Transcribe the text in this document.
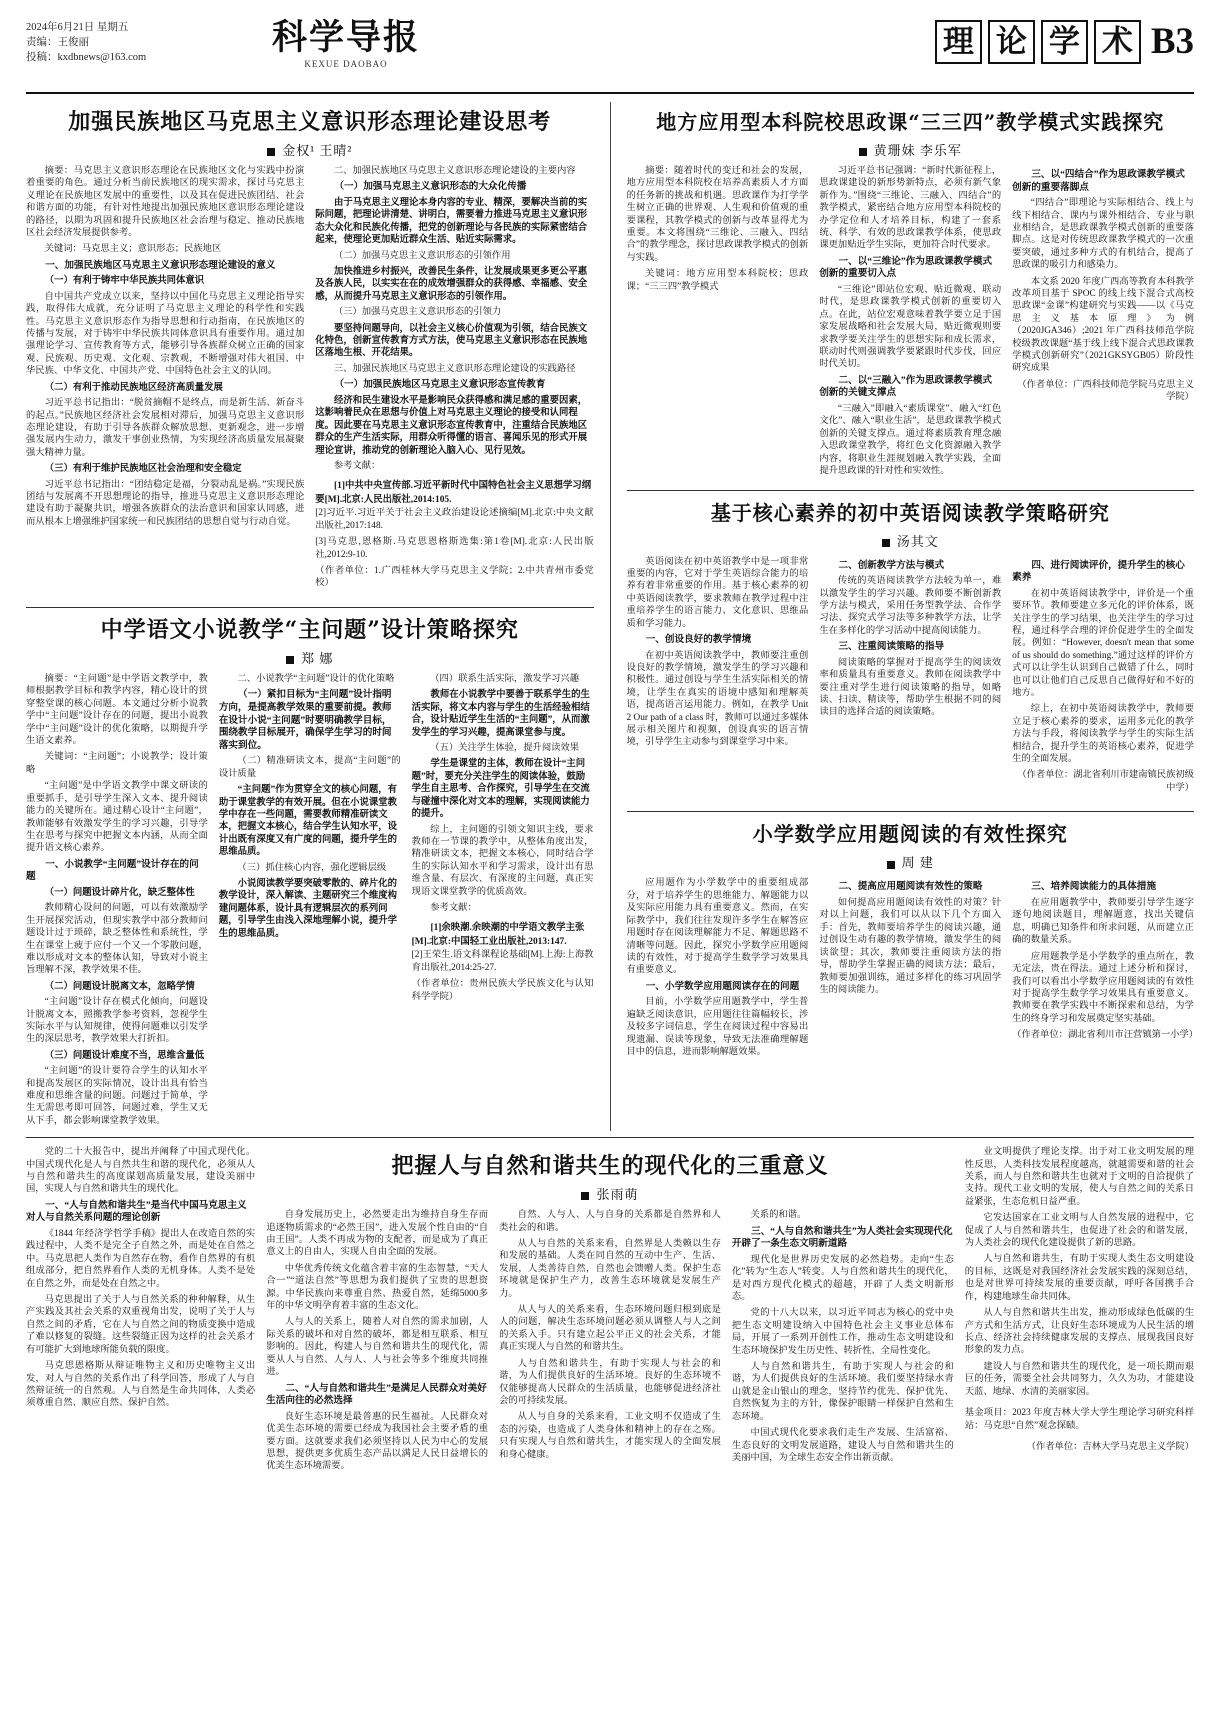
2024年6月21日 星期五
责编：王俊丽
投稿：kxdbnews@163.com	科学导报
KEXUE DAOBAO
理 论 学 术 B3
加强民族地区马克思主义意识形态理论建设思考
金权¹ 王晴²

摘要：马克思主义意识形态理论在民族地区文化与实践中扮演着重要的角色。通过分析当前民族地区的现实需求，探讨马克思主义理论在民族地区发展中的重要性，以及其在促进民族团结、社会和谐方面的功能，有针对性地提出加强民族地区意识形态理论建设的路径，以期为巩固和提升民族地区社会治理与稳定、推动民族地区社会经济发展提供参考。

关键词：马克思主义；意识形态；民族地区

一、加强民族地区马克思主义意识形态理论建设的意义

（一）有利于铸牢中华民族共同体意识

自中国共产党成立以来，坚持以中国化马克思主义理论指导实践，取得伟大成就，充分证明了马克思主义理论的科学性和实践性。马克思主义意识形态作为指导思想和行动指南，在民族地区的传播与发展，对于铸牢中华民族共同体意识具有重要作用。通过加强理论学习、宣传教育等方式，能够引导各族群众树立正确的国家观、民族观、历史观、文化观、宗教观，不断增强对伟大祖国、中华民族、中华文化、中国共产党、中国特色社会主义的认同。

（二）有利于推动民族地区经济高质量发展

习近平总书记指出：“脱贫摘帽不是终点，而是新生活、新奋斗的起点。”民族地区经济社会发展相对滞后，加强马克思主义意识形态理论建设，有助于引导各族群众解放思想、更新观念，进一步增强发展内生动力，激发干事创业热情，为实现经济高质量发展凝聚强大精神力量。

（三）有利于维护民族地区社会治理和安全稳定

习近平总书记指出：“团结稳定是福，分裂动乱是祸。”实现民族团结与发展离不开思想理论的指导，推进马克思主义意识形态理论建设有助于凝聚共识，增强各族群众的法治意识和国家认同感，进而从根本上增强维护国家统一和民族团结的思想自觉与行动自觉。

二、加强民族地区马克思主义意识形态理论建设的主要内容

（一）加强马克思主义意识形态的大众化传播

由于马克思主义理论本身内容的专业、精深，要解决当前的实际问题，把理论讲清楚、讲明白，需要着力推进马克思主义意识形态大众化和民族化传播，把党的创新理论与各民族的实际紧密结合起来，使理论更加贴近群众生活、贴近实际需求。

（二）加强马克思主义意识形态的引领作用

加快推进乡村振兴，改善民生条件，让发展成果更多更公平惠及各族人民，以实实在在的成效增强群众的获得感、幸福感、安全感，从而提升马克思主义意识形态的引领作用。

（三）加强马克思主义意识形态的引领力

要坚持问题导向，以社会主义核心价值观为引领，结合民族文化特色，创新宣传教育方式方法，使马克思主义意识形态在民族地区落地生根、开花结果。

三、加强民族地区马克思主义意识形态理论建设的实践路径

（一）加强民族地区马克思主义意识形态宣传教育

经济和民生建设水平是影响民众获得感和满足感的重要因素，这影响着民众在思想与价值上对马克思主义理论的接受和认同程度。因此要在马克思主义意识形态宣传教育中，注重结合民族地区群众的生产生活实际，用群众听得懂的语言、喜闻乐见的形式开展理论宣讲，推动党的创新理论入脑入心、见行见效。

参考文献：

[1]中共中央宣传部.习近平新时代中国特色社会主义思想学习纲要[M].北京:人民出版社,2014:105.

[2]习近平.习近平关于社会主义政治建设论述摘编[M].北京:中央文献出版社,2017:148.

[3]马克思,恩格斯.马克思恩格斯选集:第1卷[M].北京:人民出版社,2012:9-10.

（作者单位：1.广西桂林大学马克思主义学院；2.中共青州市委党校）

中学语文小说教学“主问题”设计策略探究
郑 娜

摘要：“主问题”是中学语文教学中，教师根据教学目标和教学内容，精心设计的贯穿整堂课的核心问题。本文通过分析小说教学中“主问题”设计存在的问题，提出小说教学中“主问题”设计的优化策略，以期提升学生语文素养。

关键词：“主问题”；小说教学；设计策略

“主问题”是中学语文教学中课文研读的重要抓手，是引导学生深入文本、提升阅读能力的关键所在。通过精心设计“主问题”，教师能够有效激发学生的学习兴趣，引导学生在思考与探究中把握文本内涵，从而全面提升语文核心素养。

一、小说教学“主问题”设计存在的问题

（一）问题设计碎片化，缺乏整体性

教师精心设问的问题，可以有效激励学生开展探究活动，但现实教学中部分教师问题设计过于琐碎，缺乏整体性和系统性，学生在课堂上疲于应付一个又一个零散问题，难以形成对文本的整体认知，导致对小说主旨理解不深，教学效果不佳。

（二）问题设计脱离文本，忽略学情

“主问题”设计存在模式化倾向，问题设计脱离文本，照搬教学参考资料，忽视学生实际水平与认知规律，使得问题难以引发学生的深层思考，教学效果大打折扣。

（三）问题设计难度不当，思维含量低

“主问题”的设计要符合学生的认知水平和提高发展区的实际情况，设计出具有恰当难度和思维含量的问题。问题过于简单，学生无需思考即可回答，问题过难，学生又无从下手，都会影响课堂教学效果。

二、小说教学“主问题”设计的优化策略

（一）紧扣目标为“主问题”设计指明方向，是提高教学效果的重要前提。教师在设计小说“主问题”时要明确教学目标，围绕教学目标展开，确保学生学习的时间落实到位。

（二）精准研读文本，提高“主问题”的设计质量

“主问题”作为贯穿全文的核心问题，有助于课堂教学的有效开展。但在小说课堂教学中存在一些问题，需要教师精准研读文本，把握文本核心，结合学生认知水平，设计出既有深度又有广度的问题，提升学生的思维品质。

（三）抓住核心内容，强化逻辑层级

小说阅读教学要突破零散的、碎片化的教学设计，深入解读、主题研究三个维度构建问题体系，设计具有逻辑层次的系列问题，引导学生由浅入深地理解小说，提升学生的思维品质。

（四）联系生活实际，激发学习兴趣

教师在小说教学中要善于联系学生的生活实际，将文本内容与学生的生活经验相结合，设计贴近学生生活的“主问题”，从而激发学生的学习兴趣，提高课堂参与度。

（五）关注学生体验，提升阅读效果

学生是课堂的主体，教师在设计“主问题”时，要充分关注学生的阅读体验，鼓励学生自主思考、合作探究，引导学生在交流与碰撞中深化对文本的理解，实现阅读能力的提升。

综上，主问题的引领文知识主线，要求教师在一节课的教学中，从整体角度出发，精准研读文本，把握文本核心，同时结合学生的实际认知水平和学习需求，设计出有思维含量、有层次、有深度的主问题，真正实现语文课堂教学的优质高效。

参考文献：

[1]余映潮.余映潮的中学语文教学主张[M].北京:中国轻工业出版社,2013:147.

[2]王荣生.语文科课程论基础[M].上海:上海教育出版社,2014:25-27.

（作者单位：贵州民族大学民族文化与认知科学学院）

地方应用型本科院校思政课“三三四”教学模式实践探究
黄珊妹 李乐军

摘要：随着时代的变迁和社会的发展，地方应用型本科院校在培养高素质人才方面的任务新的挑战和机遇。思政课作为打学学生树立正确的世界观、人生观和价值观的重要课程，其教学模式的创新与改革显得尤为重要。本文将围绕“三维论、三融入、四结合”的教学理念，探讨思政课教学模式的创新与实践。

关键词：地方应用型本科院校；思政课；“三三四”教学模式

习近平总书记强调：“新时代新征程上，思政课建设的新形势新特点，必须有新气象新作为。”围绕“三维论、三融入、四结合”的教学模式，紧密结合地方应用型本科院校的办学定位和人才培养目标，构建了一套系统、科学、有效的思政课教学体系，使思政课更加贴近学生实际，更加符合时代要求。

一、以“三维论”作为思政课教学模式创新的重要切入点

“三维论”即站位宏观、贴近微观、联动时代，是思政课教学模式创新的重要切入点。在此，站位宏观意味着教学要立足于国家发展战略和社会发展大局，贴近微观则要求教学要关注学生的思想实际和成长需求，联动时代则强调教学要紧跟时代步伐，回应时代关切。

二、以“三融入”作为思政课教学模式创新的关键支撑点

“三融入”即融入“素质课堂”、融入“红色文化”、融入“职业生活”，是思政课教学模式创新的关键支撑点。通过将素质教育理念融入思政课堂教学，将红色文化资源融入教学内容，将职业生涯规划融入教学实践，全面提升思政课的针对性和实效性。

三、以“四结合”作为思政课教学模式创新的重要落脚点

“四结合”即理论与实际相结合、线上与线下相结合、课内与课外相结合、专业与职业相结合，是思政课教学模式创新的重要落脚点。这是对传统思政课教学模式的一次重要突破，通过多种方式的有机结合，提高了思政课的吸引力和感染力。

本文系 2020 年度广西高等教育本科教学改革项目基于 SPOC 的线上线下混合式高校思政课“金课”构建研究与实践——以《马克思主义基本原理》为例（2020JGA346）;2021 年广西科技师范学院校级教改课题“基于线上线下混合式思政课教学模式创新研究”（2021GKSYGB05）阶段性研究成果

（作者单位：广西科技师范学院马克思主义学院）

基于核心素养的初中英语阅读教学策略研究
汤其文

英语阅读在初中英语教学中是一项非常重要的内容，它对于学生英语综合能力的培养有着非常重要的作用。基于核心素养的初中英语阅读教学，要求教师在教学过程中注重培养学生的语言能力、文化意识、思维品质和学习能力。

一、创设良好的教学情境

在初中英语阅读教学中，教师要注重创设良好的教学情境，激发学生的学习兴趣和积极性。通过创设与学生生活实际相关的情境，让学生在真实的语境中感知和理解英语，提高语言运用能力。例如，在教学 Unit 2 Our path of a class 时，教师可以通过多媒体展示相关图片和视频，创设真实的语言情境，引导学生主动参与到课堂学习中来。

二、创新教学方法与模式

传统的英语阅读教学方法较为单一，难以激发学生的学习兴趣。教师要不断创新教学方法与模式，采用任务型教学法、合作学习法、探究式学习法等多种教学方法，让学生在多样化的学习活动中提高阅读能力。

三、注重阅读策略的指导

阅读策略的掌握对于提高学生的阅读效率和质量具有重要意义。教师在阅读教学中要注重对学生进行阅读策略的指导，如略读、扫读、精读等，帮助学生根据不同的阅读目的选择合适的阅读策略。

四、进行阅读评价，提升学生的核心素养

在初中英语阅读教学中，评价是一个重要环节。教师要建立多元化的评价体系，既关注学生的学习结果，也关注学生的学习过程，通过科学合理的评价促进学生的全面发展。例如：“However, doesn't mean that some of us should do something.”通过这样的评价方式可以让学生认识到自己做错了什么，同时也可以让他们自己反思自己做得好和不好的地方。

综上，在初中英语阅读教学中，教师要立足于核心素养的要求，运用多元化的教学方法与手段，将阅读教学与学生的实际生活相结合，提升学生的英语核心素养，促进学生的全面发展。

（作者单位：湖北省利川市建南镇民族初级中学）

小学数学应用题阅读的有效性探究
周 建

应用题作为小学数学中的重要组成部分，对于培养学生的思维能力、解题能力以及实际应用能力具有重要意义。然而，在实际教学中，我们往往发现许多学生在解答应用题时存在阅读理解能力不足、解题思路不清晰等问题。因此，探究小学数学应用题阅读的有效性，对于提高学生数学学习效果具有重要意义。

一、小学数学应用题阅读存在的问题

目前，小学数学应用题教学中，学生普遍缺乏阅读意识，应用题往往篇幅较长，涉及较多字词信息，学生在阅读过程中容易出现遗漏、误读等现象，导致无法准确理解题目中的信息，进而影响解题效果。

二、提高应用题阅读有效性的策略

如何提高应用题阅读有效性的对策？针对以上问题，我们可以从以下几个方面入手：首先，教师要培养学生的阅读兴趣，通过创设生动有趣的教学情境，激发学生的阅读欲望；其次，教师要注重阅读方法的指导，帮助学生掌握正确的阅读方法；最后，教师要加强训练，通过多样化的练习巩固学生的阅读能力。

三、培养阅读能力的具体措施

在应用题教学中，教师要引导学生逐字逐句地阅读题目，理解题意，找出关键信息，明确已知条件和所求问题，从而建立正确的数量关系。

应用题教学是小学数学的重点所在，教无定法，贵在得法。通过上述分析和探讨，我们可以看出小学数学应用题阅读的有效性对于提高学生数学学习效果具有重要意义。教师要在教学实践中不断探索和总结，为学生的终身学习和发展奠定坚实基础。

（作者单位：湖北省利川市汪营镇第一小学）

党的二十大报告中，提出并阐释了中国式现代化。中国式现代化是人与自然共生和谐的现代化，必须从人与自然和谐共生的高度谋划高质量发展，建设美丽中国，实现人与自然和谐共生的现代化。

一、“人与自然和谐共生”是当代中国马克思主义对人与自然关系问题的理论创新

《1844 年经济学哲学手稿》提出人在改造自然的实践过程中，人类不是完全子自然之外，而是处在自然之中。马克思把人类作为自然存在物，看作自然界的有机组成部分，把自然界看作人类的无机身体。人类不是处在自然之外，而是处在自然之中。

马克思提出了关于人与自然关系的种种解释，从生产实践及其社会关系的双重视角出发，说明了关于人与自然之间的矛盾，它在人与自然之间的物质变换中造成了难以修复的裂缝。这些裂缝正因为这样的社会关系才有可能扩大到地球所能负载的限度。

马克思恩格斯从辩证唯物主义和历史唯物主义出发，对人与自然的关系作出了科学回答，形成了人与自然辩证统一的自然观。人与自然是生命共同体，人类必须尊重自然、顺应自然、保护自然。

把握人与自然和谐共生的现代化的三重意义
张雨萌

自身发展历史上，必然要走出为维持自身生存而追逐物质需求的“必然王国”，进入发展个性自由的“自由王国”。人类不再成为物的支配者，而是成为了真正意义上的自由人，实现人自由全面的发展。

中华优秀传统文化蕴含着丰富的生态智慧，“天人合一”“道法自然”等思想为我们提供了宝贵的思想资源。中华民族向来尊重自然、热爱自然，延绵5000多年的中华文明孕育着丰富的生态文化。

人与人的关系上，随着人对自然的需求加剧，人际关系的破坏和对自然的破坏，都是相互联系、相互影响的。因此，构建人与自然和谐共生的现代化，需要从人与自然、人与人、人与社会等多个维度共同推进。

二、“人与自然和谐共生”是满足人民群众对美好生活向往的必然选择

良好生态环境是最普惠的民生福祉。人民群众对优美生态环境的需要已经成为我国社会主要矛盾的重要方面。这就要求我们必须坚持以人民为中心的发展思想，提供更多优质生态产品以满足人民日益增长的优美生态环境需要。

自然、人与人、人与自身的关系都是自然界和人类社会的和谐。

从人与自然的关系来看，自然界是人类赖以生存和发展的基础。人类在同自然的互动中生产、生活、发展，人类善待自然，自然也会馈赠人类。保护生态环境就是保护生产力，改善生态环境就是发展生产力。

从人与人的关系来看，生态环境问题归根到底是人的问题，解决生态环境问题必须从调整人与人之间的关系入手。只有建立起公平正义的社会关系，才能真正实现人与自然的和谐共生。

人与自然和谐共生，有助于实现人与社会的和谐，为人们提供良好的生活环境。良好的生态环境不仅能够提高人民群众的生活质量，也能够促进经济社会的可持续发展。

从人与自身的关系来看，工业文明不仅造成了生态的污染，也造成了人类身体和精神上的存在之殇。只有实现人与自然和谐共生，才能实现人的全面发展和身心健康。

关系的和谐。

三、“人与自然和谐共生”为人类社会实现现代化开辟了一条生态文明新道路

现代化是世界历史发展的必然趋势。走向“生态化”转为“生态人”转变。人与自然和谐共生的现代化，是对西方现代化模式的超越，开辟了人类文明新形态。

党的十八大以来，以习近平同志为核心的党中央把生态文明建设纳入中国特色社会主义事业总体布局，开展了一系列开创性工作，推动生态文明建设和生态环境保护发生历史性、转折性、全局性变化。

人与自然和谐共生，有助于实现人与社会的和谐，为人们提供良好的生活环境。我们要坚持绿水青山就是金山银山的理念，坚持节约优先、保护优先、自然恢复为主的方针，像保护眼睛一样保护自然和生态环境。

中国式现代化要求我们走生产发展、生活富裕、生态良好的文明发展道路，建设人与自然和谐共生的美丽中国，为全球生态安全作出新贡献。

业文明提供了理论支撑。出于对工业文明发展的理性反思，人类科技发展程度越高，就越需要和谐的社会关系，而人与自然和谐共生也就对于文明的自洽提供了支持。现代工业文明的发展，使人与自然之间的关系日益紧张，生态危机日益严重。

它发达国家在工业文明与人自然发展的进程中，它促成了人与自然和谐共生，也促进了社会的和谐发展，为人类社会的现代化建设提供了新的思路。

人与自然和谐共生，有助于实现人类生态文明建设的目标，这既是对我国经济社会发展实践的深刻总结，也是对世界可持续发展的重要贡献，呼吁各国携手合作，构建地球生命共同体。

从人与自然和谐共生出发，推动形成绿色低碳的生产方式和生活方式，让良好生态环境成为人民生活的增长点、经济社会持续健康发展的支撑点、展现我国良好形象的发力点。

建设人与自然和谐共生的现代化，是一项长期而艰巨的任务，需要全社会共同努力，久久为功，才能建设天蓝、地绿、水清的美丽家园。

基金项目：2023 年度吉林大学大学生理论学习研究科样站：马克思“自然”观念探赜。

（作者单位：吉林大学马克思主义学院）
